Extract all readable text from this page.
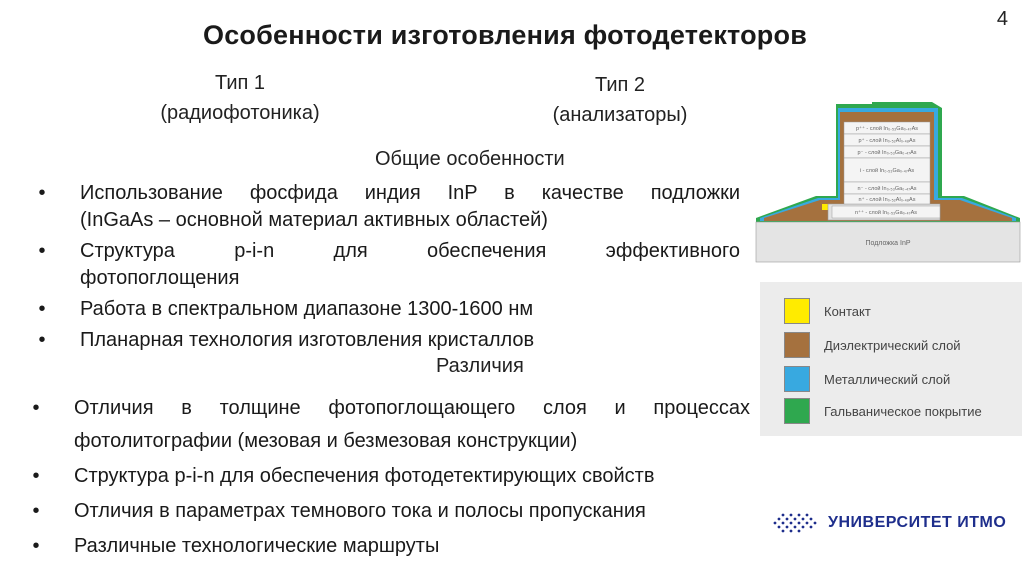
4
Особенности изготовления фотодетекторов
Тип 1
(радиофотоника)
Тип 2
(анализаторы)
Общие особенности
• Использование фосфида индия InP в качестве подложки
(InGaAs – основной материал активных областей)
• Структура p-i-n для обеспечения эффективного
фотопоглощения
• Работа в спектральном диапазоне 1300-1600 нм
• Планарная технология изготовления кристаллов
Различия
• Отличия в толщине фотопоглощающего слоя и процессах
фотолитографии (мезовая и безмезовая конструкции)
• Структура p-i-n для обеспечения фотодетектирующих свойств
• Отличия в параметрах темнового тока и полосы пропускания
• Различные технологические маршруты
p⁺⁺ - слой In₀.₅₃Ga₀.₄₇As
p⁺ - слой In₀.₅₂Al₀.₄₈As
p⁻ - слой In₀.₅₃Ga₀.₄₇As
i - слой In₀.₅₃Ga₀.₄₇As
n⁻ - слой In₀.₅₃Ga₀.₄₇As
n⁺ - слой In₀.₅₂Al₀.₄₈As
n⁺⁺ - слой In₀.₅₃Ga₀.₄₇As
Подложка InP
Контакт
Диэлектрический слой
Металлический слой
Гальваническое покрытие
УНИВЕРСИТЕТ ИТМО
